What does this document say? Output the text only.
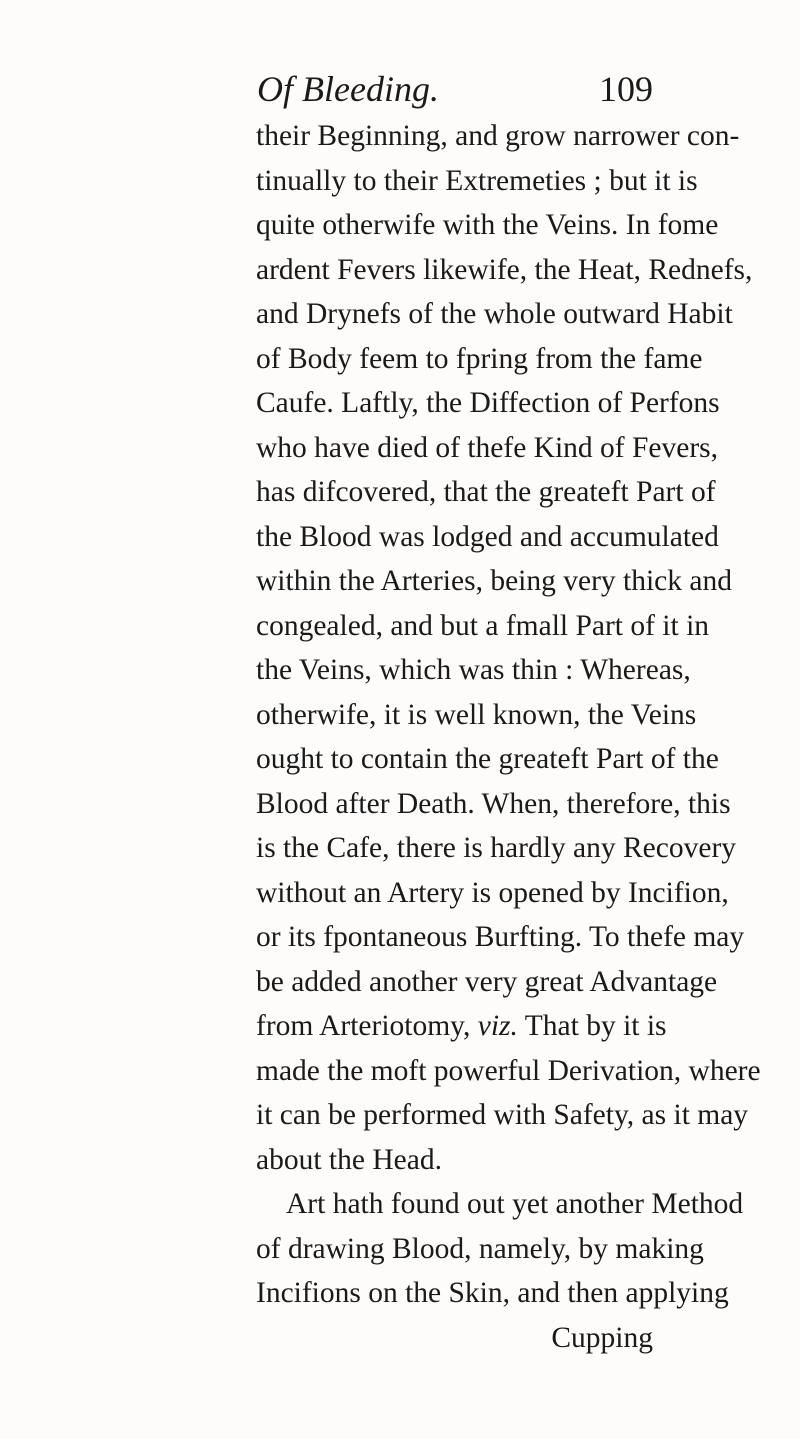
Of Bleeding.	109
their Beginning, and grow narrower con-
tinually to their Extremeties ; but it is
quite otherwife with the Veins. In fome
ardent Fevers likewife, the Heat, Rednefs,
and Drynefs of the whole outward Habit
of Body feem to fpring from the fame
Caufe. Laftly, the Diffection of Perfons
who have died of thefe Kind of Fevers,
has difcovered, that the greateft Part of
the Blood was lodged and accumulated
within the Arteries, being very thick and
congealed, and but a fmall Part of it in
the Veins, which was thin : Whereas,
otherwife, it is well known, the Veins
ought to contain the greateft Part of the
Blood after Death. When, therefore, this
is the Cafe, there is hardly any Recovery
without an Artery is opened by Incifion,
or its fpontaneous Burfting. To thefe may
be added another very great Advantage
from Arteriotomy, viz. That by it is
made the moft powerful Derivation, where
it can be performed with Safety, as it may
about the Head.
Art hath found out yet another Method
of drawing Blood, namely, by making
Incifions on the Skin, and then applying
Cupping
